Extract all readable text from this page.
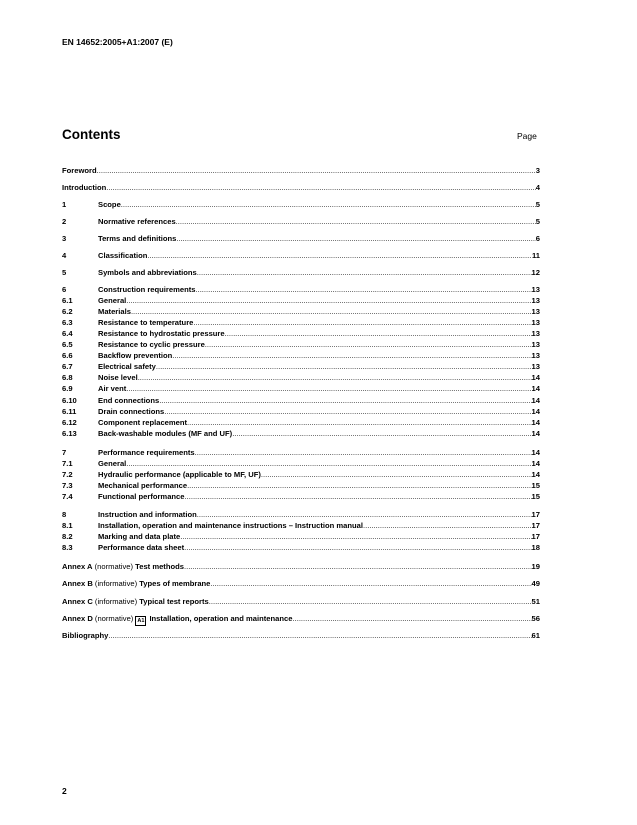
EN 14652:2005+A1:2007 (E)
Contents	Page
Foreword .....	3
Introduction .....	4
1	Scope .....	5
2	Normative references .....	5
3	Terms and definitions .....	6
4	Classification .....	11
5	Symbols and abbreviations .....	12
6	Construction requirements .....	13
6.1	General .....	13
6.2	Materials .....	13
6.3	Resistance to temperature .....	13
6.4	Resistance to hydrostatic pressure .....	13
6.5	Resistance to cyclic pressure .....	13
6.6	Backflow prevention .....	13
6.7	Electrical safety .....	13
6.8	Noise level .....	14
6.9	Air vent .....	14
6.10	End connections .....	14
6.11	Drain connections .....	14
6.12	Component replacement .....	14
6.13	Back-washable modules (MF and UF) .....	14
7	Performance requirements .....	14
7.1	General .....	14
7.2	Hydraulic performance (applicable to MF, UF) .....	14
7.3	Mechanical performance .....	15
7.4	Functional performance .....	15
8	Instruction and information .....	17
8.1	Installation, operation and maintenance instructions – Instruction manual .....	17
8.2	Marking and data plate .....	17
8.3	Performance data sheet .....	18
Annex A (normative) Test methods .....	19
Annex B (informative) Types of membrane .....	49
Annex C (informative) Typical test reports .....	51
Annex D (normative) A1 Installation, operation and maintenance .....	56
Bibliography .....	61
2
